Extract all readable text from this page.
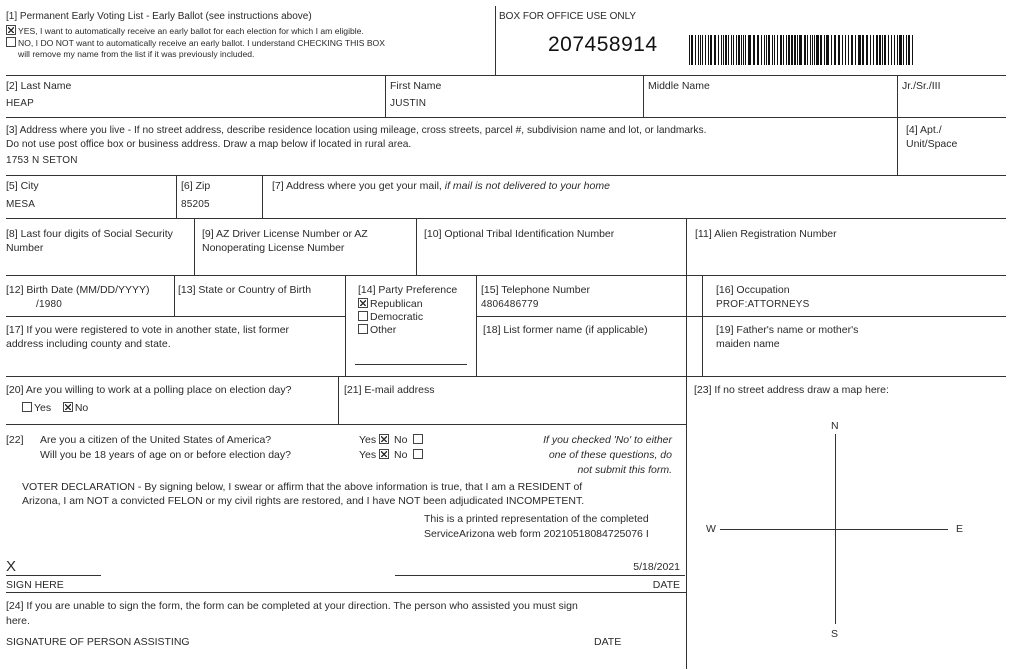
[1] Permanent Early Voting List - Early Ballot (see instructions above)
YES, I want to automatically receive an early ballot for each election for which I am eligible.
NO, I DO NOT want to automatically receive an early ballot. I understand CHECKING THIS BOX
will remove my name from the list if it was previously included.
BOX FOR OFFICE USE ONLY
207458914
[2] Last Name
HEAP
First Name
JUSTIN
Middle Name	Jr./Sr./III
[3] Address where you live - If no street address, describe residence location using mileage, cross streets, parcel #, subdivision name and lot, or landmarks.
Do not use post office box or business address. Draw a map below if located in rural area.
1753 N SETON
[4] Apt./
Unit/Space
[5] City
MESA
[6] Zip
85205
[7] Address where you get your mail, if mail is not delivered to your home
[8] Last four digits of Social Security
Number
[9] AZ Driver License Number or AZ
Nonoperating License Number
[10] Optional Tribal Identification Number	[11] Alien Registration Number
[12] Birth Date (MM/DD/YYYY)
/1980
[13] State or Country of Birth	[14] Party Preference
Republican
Democratic
Other
[15] Telephone Number
4806486779
[16] Occupation
PROF:ATTORNEYS
[17] If you were registered to vote in another state, list former
address including county and state.
[18] List former name (if applicable)	[19] Father's name or mother's
maiden name
[20] Are you willing to work at a polling place on election day?
Yes No
[21] E-mail address	[23] If no street address draw a map here:
N
S
W	E
[22] Are you a citizen of the United States of America?
Will you be 18 years of age on or before election day?
Yes No
Yes No
If you checked 'No' to either
one of these questions, do
not submit this form.
VOTER DECLARATION - By signing below, I swear or affirm that the above information is true, that I am a RESIDENT of
Arizona, I am NOT a convicted FELON or my civil rights are restored, and I have NOT been adjudicated INCOMPETENT.
This is a printed representation of the completed
ServiceArizona web form 20210518084725076 I
X
SIGN HERE
5/18/2021
DATE
[24] If you are unable to sign the form, the form can be completed at your direction. The person who assisted you must sign
here.
SIGNATURE OF PERSON ASSISTING	DATE
